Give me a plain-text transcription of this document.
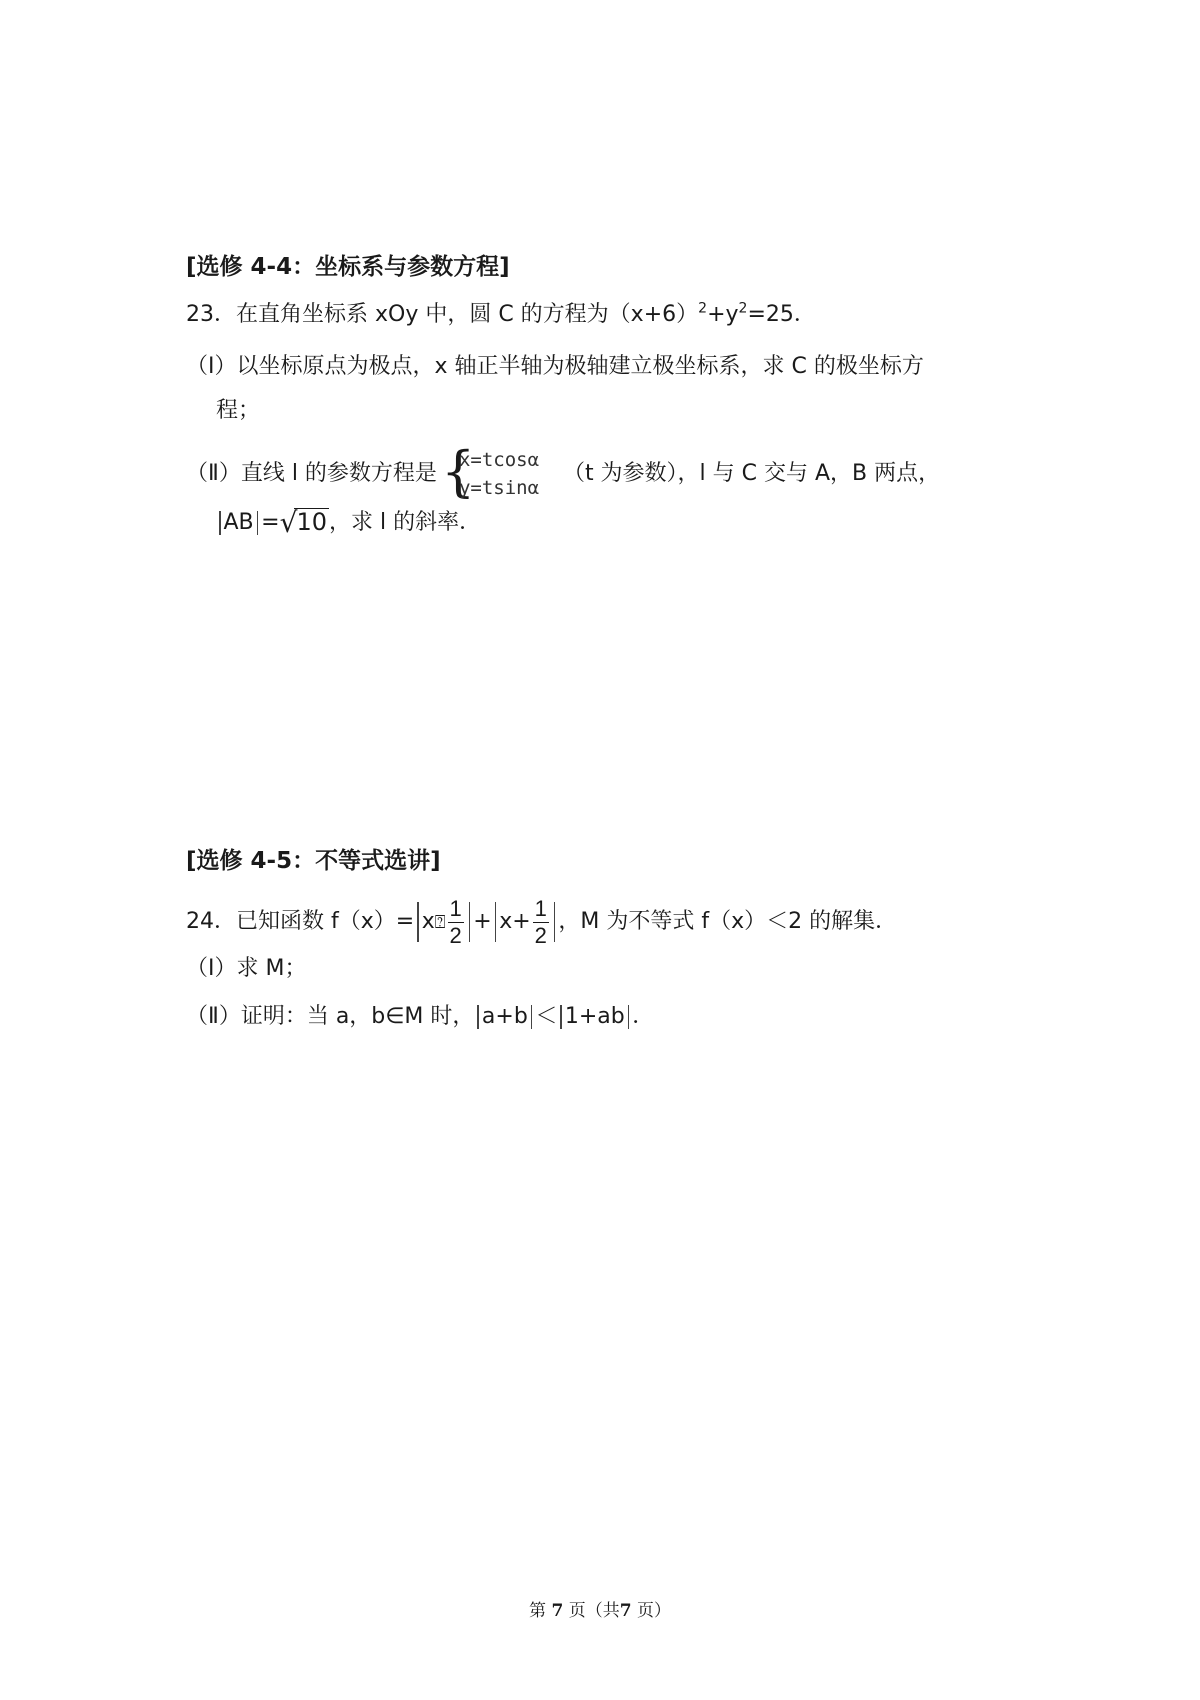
[选修 4-4：坐标系与参数方程]
23．在直角坐标系 xOy 中，圆 C 的方程为$(x+6)^2+y^2=25$．
（Ⅰ）以坐标原点为极点，x 轴正半轴为极轴建立极坐标系，求 C 的极坐标方
程；
（Ⅱ）直线 l 的参数方程是 {
x=tcosα
y=tsinα
（t 为参数），l 与 C 交与 A，B 两点，
AB =√10，求 l 的斜率．
[选修 4-5：不等式选讲]
24．已知函数 f（x）= x⍰ $\frac{1}{2} + x+ \frac{1}{2}$ ，M 为不等式 f（x）＜2 的解集．
（Ⅰ）求 M；
（Ⅱ）证明：当 a，b∈M 时， a+b ＜ 1+ab ．
第 7 页（共7 页）
